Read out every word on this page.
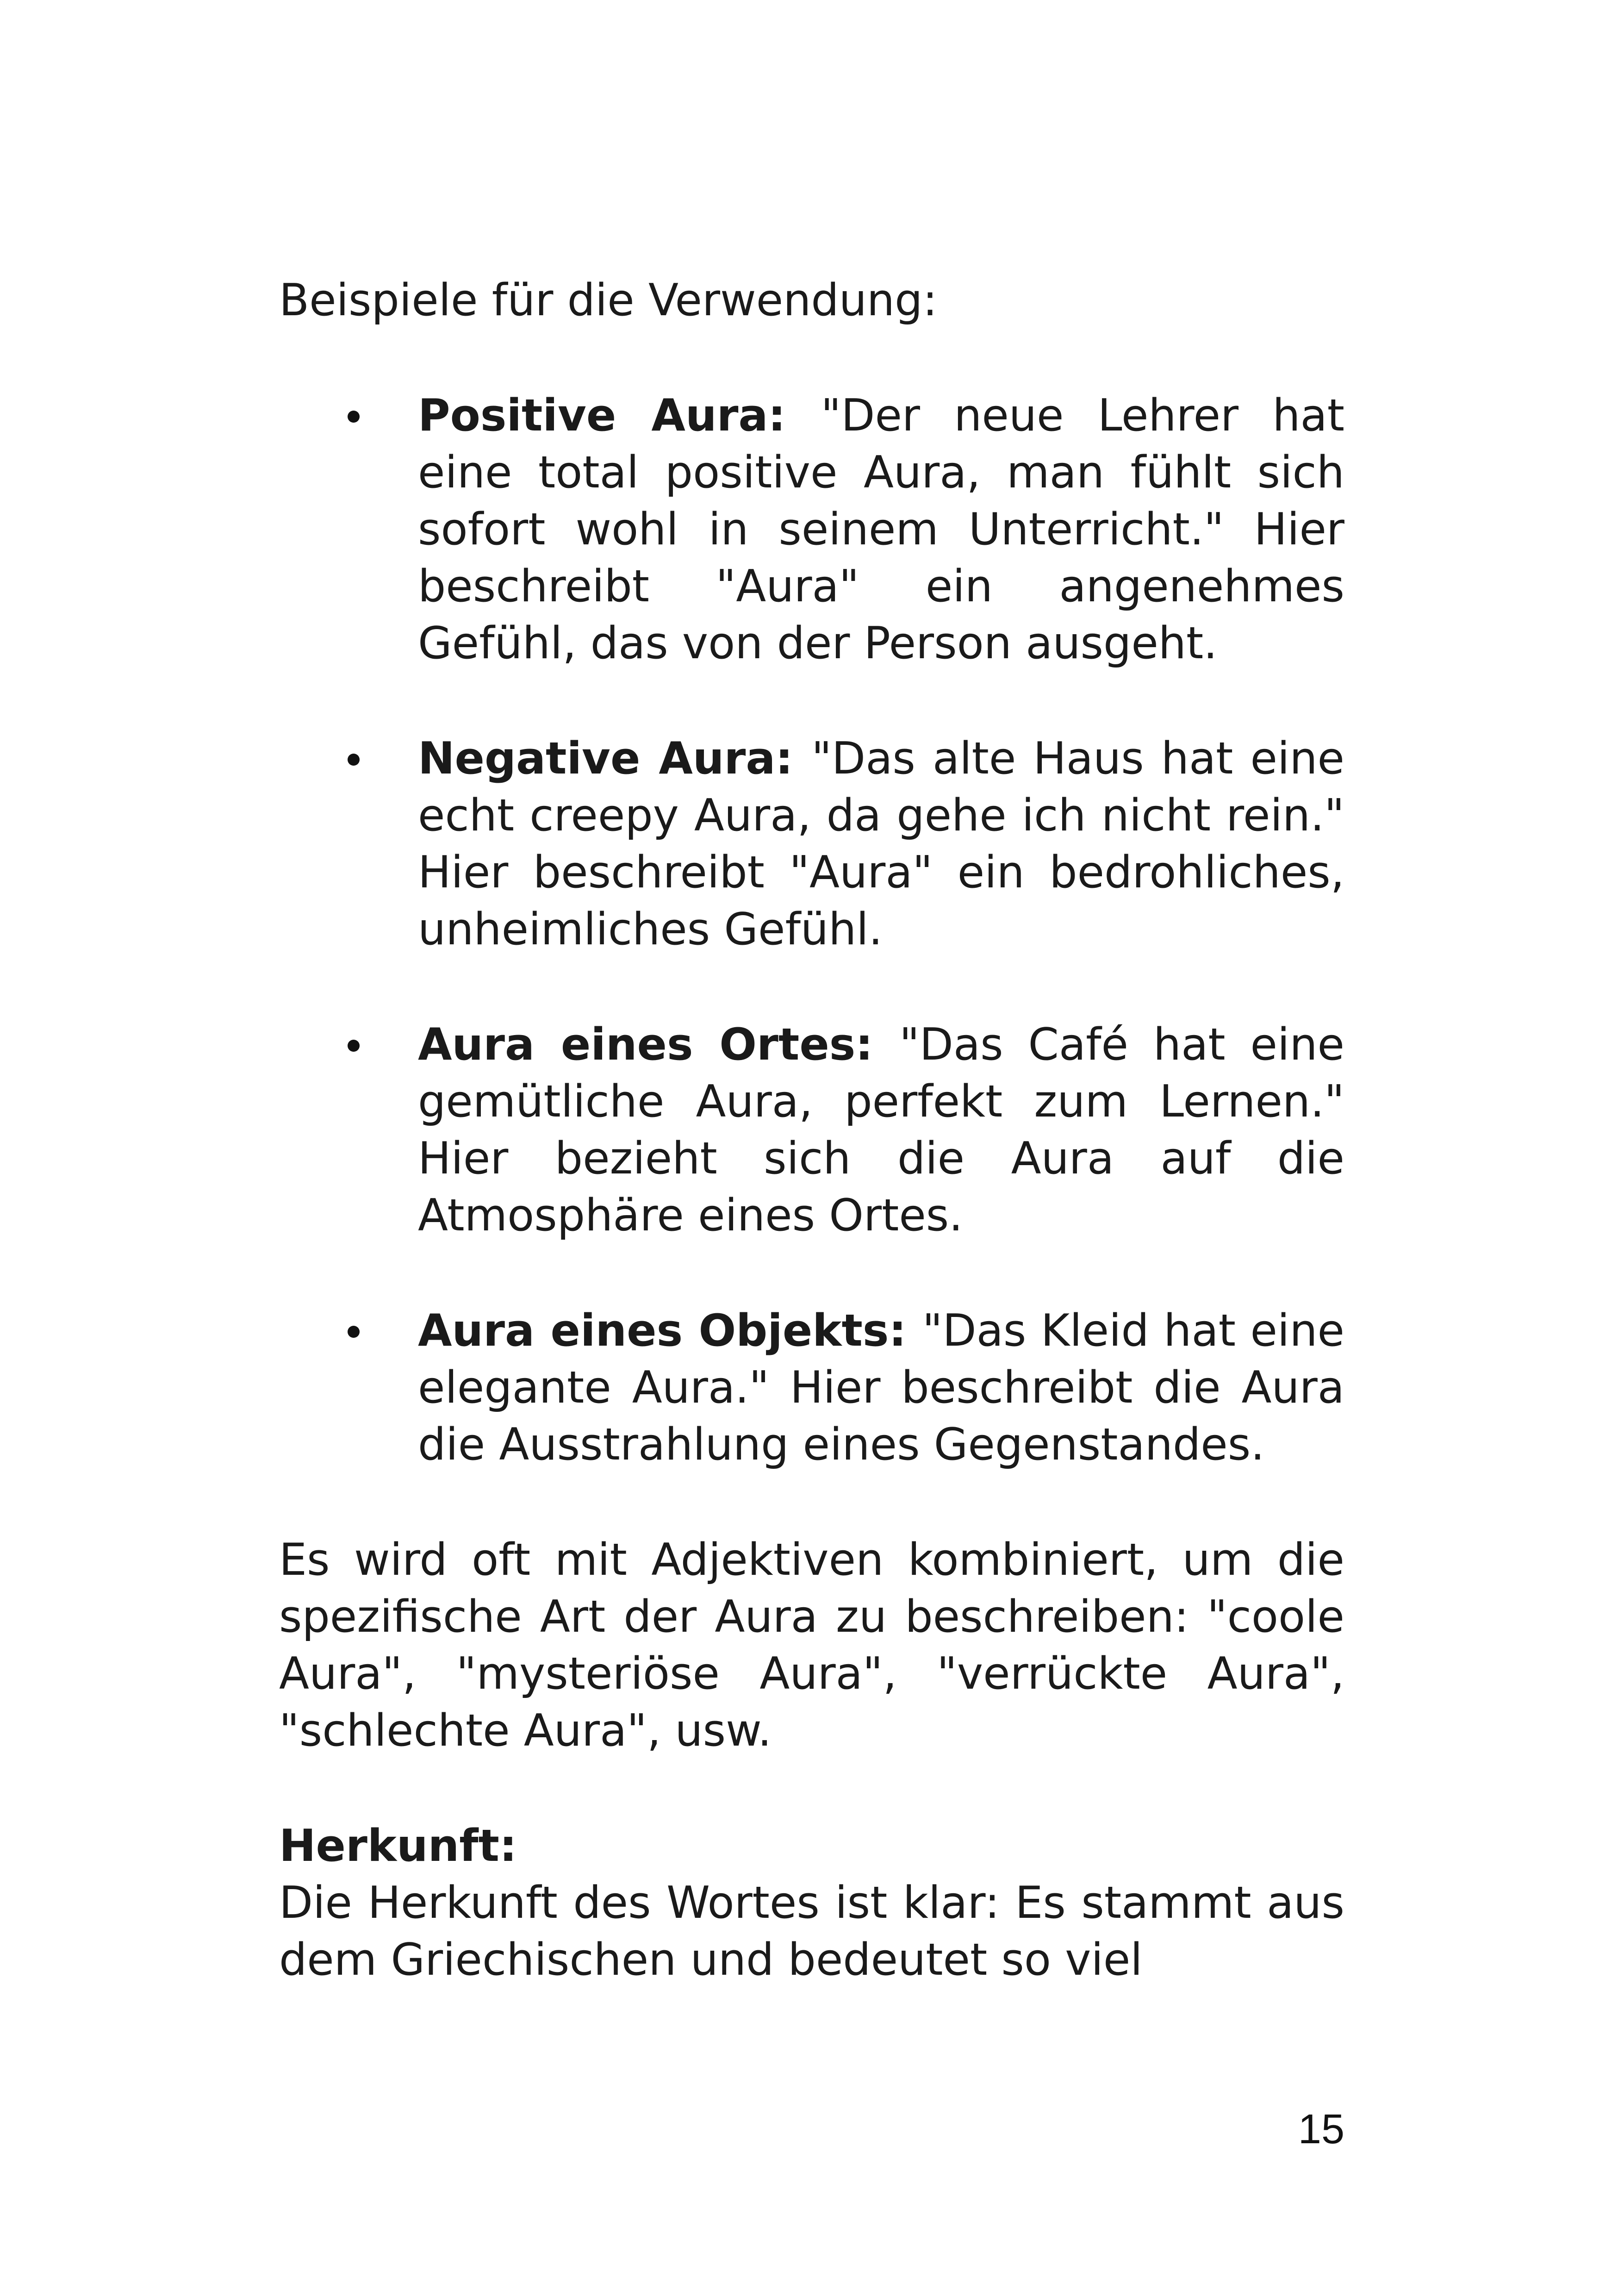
Beispiele für die Verwendung:

Positive Aura: "Der neue Lehrer hat eine total positive Aura, man fühlt sich sofort wohl in seinem Unterricht." Hier beschreibt "Aura" ein angenehmes Gefühl, das von der Person ausgeht.
Negative Aura: "Das alte Haus hat eine echt creepy Aura, da gehe ich nicht rein." Hier beschreibt "Aura" ein bedrohliches, unheimliches Gefühl.
Aura eines Ortes: "Das Café hat eine gemütliche Aura, perfekt zum Lernen." Hier bezieht sich die Aura auf die Atmosphäre eines Ortes.
Aura eines Objekts: "Das Kleid hat eine elegante Aura." Hier beschreibt die Aura die Ausstrahlung eines Gegenstandes.

Es wird oft mit Adjektiven kombiniert, um die spezifische Art der Aura zu beschreiben: "coole Aura", "mysteriöse Aura", "verrückte Aura", "schlechte Aura", usw.

Herkunft:

Die Herkunft des Wortes ist klar: Es stammt aus dem Griechischen und bedeutet so viel

15
